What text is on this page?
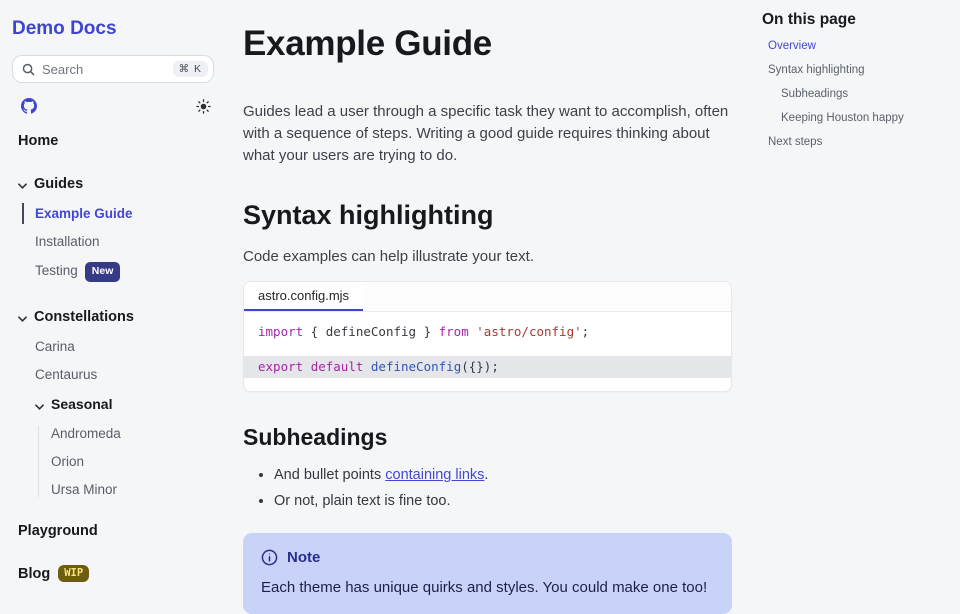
Demo Docs
Search	⌘ K
Home
Guides
Example Guide
Installation
Testing New
Constellations
Carina
Centaurus
Seasonal
Andromeda
Orion
Ursa Minor
Playground
Blog	WIP
Example Guide

Guides lead a user through a specific task they want to accomplish, often with a sequence of steps. Writing a good guide requires thinking about what your users are trying to do.

Syntax highlighting

Code examples can help illustrate your text.

astro.config.mjs
import { defineConfig } from 'astro/config';
export default defineConfig({});
Subheadings
• And bullet points containing links.
• Or not, plain text is fine too.
Note
Each theme has unique quirks and styles. You could make one too!
On this page
Overview
Syntax highlighting
Subheadings
Keeping Houston happy
Next steps
